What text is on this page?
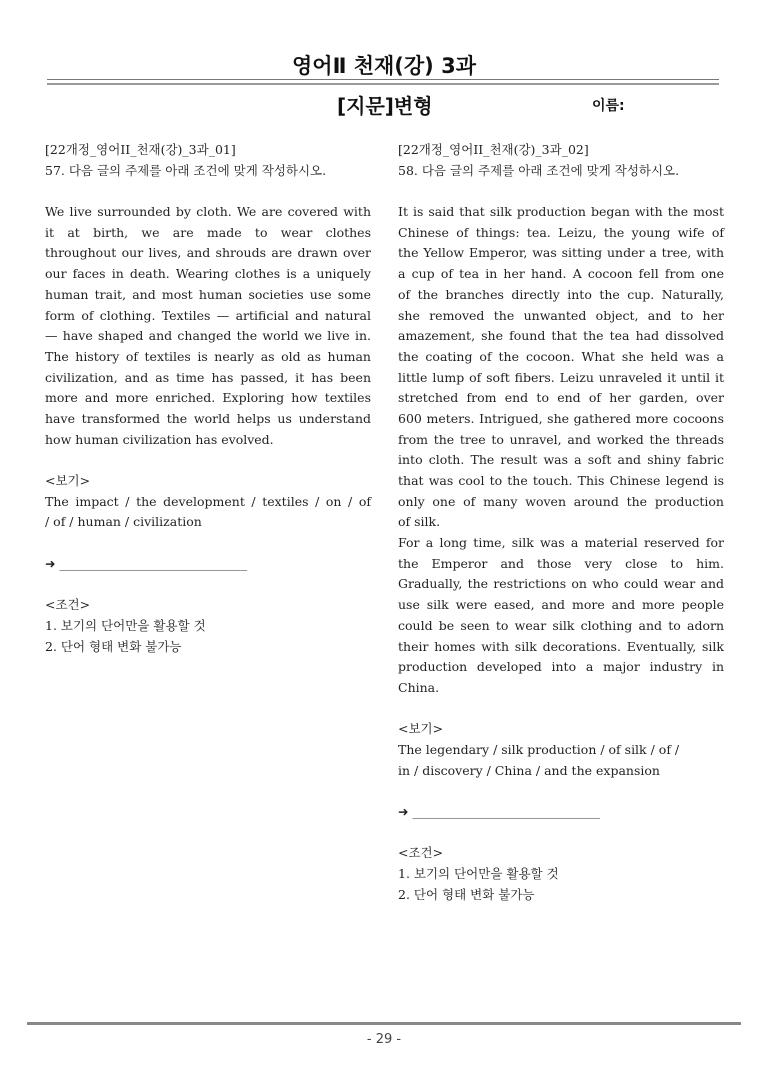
영어Ⅱ 천재(강) 3과
[지문]변형	이름:
[22개정_영어II_천재(강)_3과_01]
57. 다음 글의 주제를 아래 조건에 맞게 작성하시오.
We live surrounded by cloth. We are covered with
it at birth, we are made to wear clothes
throughout our lives, and shrouds are drawn over
our faces in death. Wearing clothes is a uniquely
human trait, and most human societies use some
form of clothing. Textiles — artificial and natural
— have shaped and changed the world we live in.
The history of textiles is nearly as old as human
civilization, and as time has passed, it has been
more and more enriched. Exploring how textiles
have transformed the world helps us understand
how human civilization has evolved.
<보기>
The impact / the development / textiles / on / of
/ of / human / civilization
➜ ______________________________
<조건>
1. 보기의 단어만을 활용할 것
2. 단어 형태 변화 불가능
[22개정_영어II_천재(강)_3과_02]
58. 다음 글의 주제를 아래 조건에 맞게 작성하시오.
It is said that silk production began with the most
Chinese of things: tea. Leizu, the young wife of
the Yellow Emperor, was sitting under a tree, with
a cup of tea in her hand. A cocoon fell from one
of the branches directly into the cup. Naturally,
she removed the unwanted object, and to her
amazement, she found that the tea had dissolved
the coating of the cocoon. What she held was a
little lump of soft fibers. Leizu unraveled it until it
stretched from end to end of her garden, over
600 meters. Intrigued, she gathered more cocoons
from the tree to unravel, and worked the threads
into cloth. The result was a soft and shiny fabric
that was cool to the touch. This Chinese legend is
only one of many woven around the production
of silk.
For a long time, silk was a material reserved for
the Emperor and those very close to him.
Gradually, the restrictions on who could wear and
use silk were eased, and more and more people
could be seen to wear silk clothing and to adorn
their homes with silk decorations. Eventually, silk
production developed into a major industry in
China.
<보기>
The legendary / silk production / of silk / of /
in / discovery / China / and the expansion
➜ ______________________________
<조건>
1. 보기의 단어만을 활용할 것
2. 단어 형태 변화 불가능
- 29 -
